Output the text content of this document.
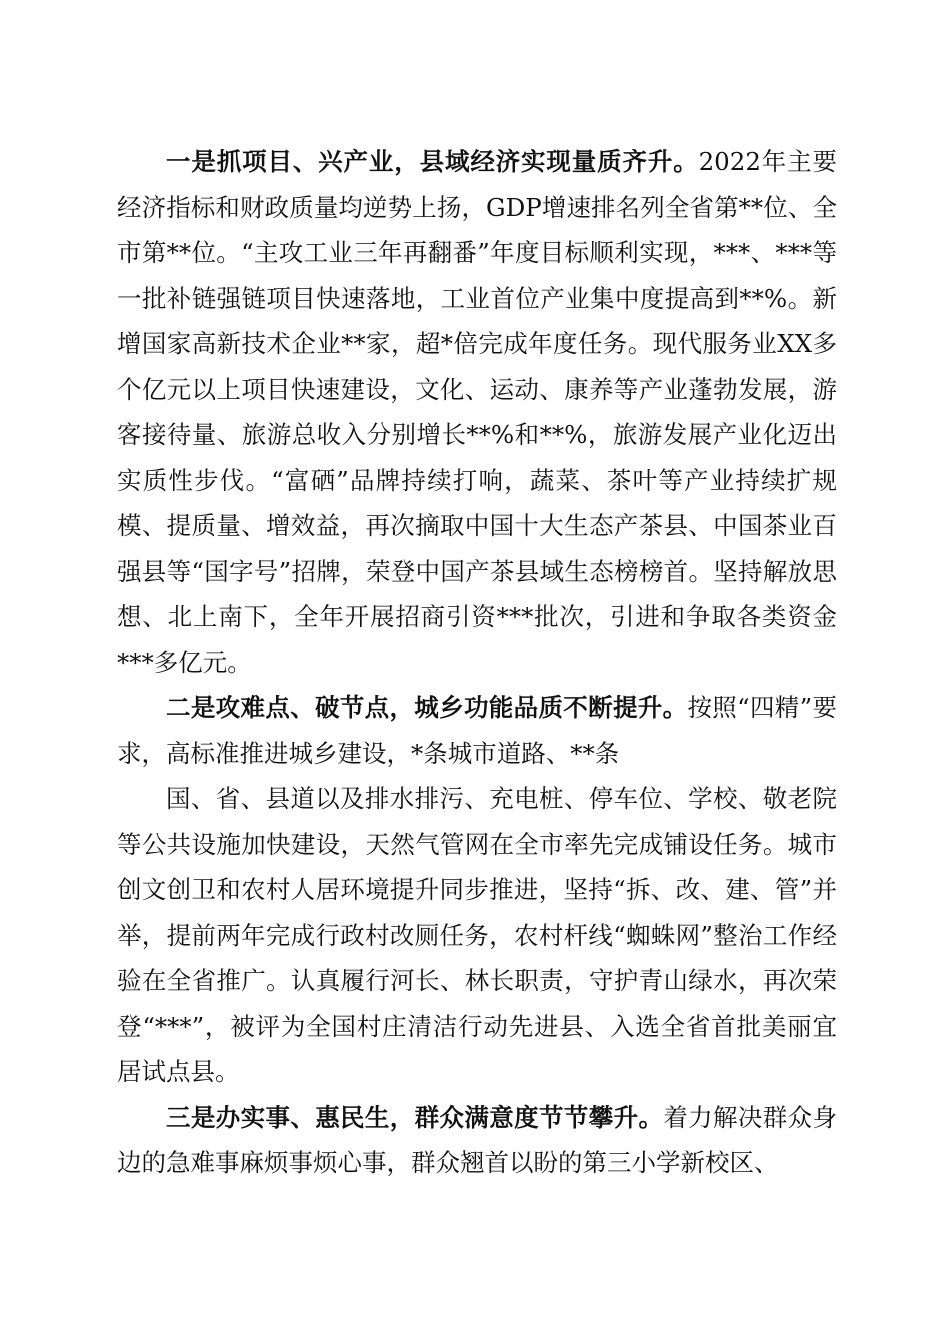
一是抓项目、兴产业，县域经济实现量质齐升。2022年主要经济指标和财政质量均逆势上扬，GDP增速排名列全省第**位、全市第**位。“主攻工业三年再翻番”年度目标顺利实现，***、***等一批补链强链项目快速落地，工业首位产业集中度提高到**%。新增国家高新技术企业**家，超*倍完成年度任务。现代服务业XX多个亿元以上项目快速建设，文化、运动、康养等产业蓬勃发展，游客接待量、旅游总收入分别增长**%和**%，旅游发展产业化迈出实质性步伐。“富硒”品牌持续打响，蔬菜、茶叶等产业持续扩规模、提质量、增效益，再次摘取中国十大生态产茶县、中国茶业百强县等“国字号”招牌，荣登中国产茶县域生态榜榜首。坚持解放思想、北上南下，全年开展招商引资***批次，引进和争取各类资金***多亿元。

二是攻难点、破节点，城乡功能品质不断提升。按照“四精”要求，高标准推进城乡建设，*条城市道路、**条

国、省、县道以及排水排污、充电桩、停车位、学校、敬老院等公共设施加快建设，天然气管网在全市率先完成铺设任务。城市创文创卫和农村人居环境提升同步推进，坚持“拆、改、建、管”并举，提前两年完成行政村改厕任务，农村杆线“蜘蛛网”整治工作经验在全省推广。认真履行河长、林长职责，守护青山绿水，再次荣登“***”，被评为全国村庄清洁行动先进县、入选全省首批美丽宜居试点县。

三是办实事、惠民生，群众满意度节节攀升。着力解决群众身边的急难事麻烦事烦心事，群众翘首以盼的第三小学新校区、
